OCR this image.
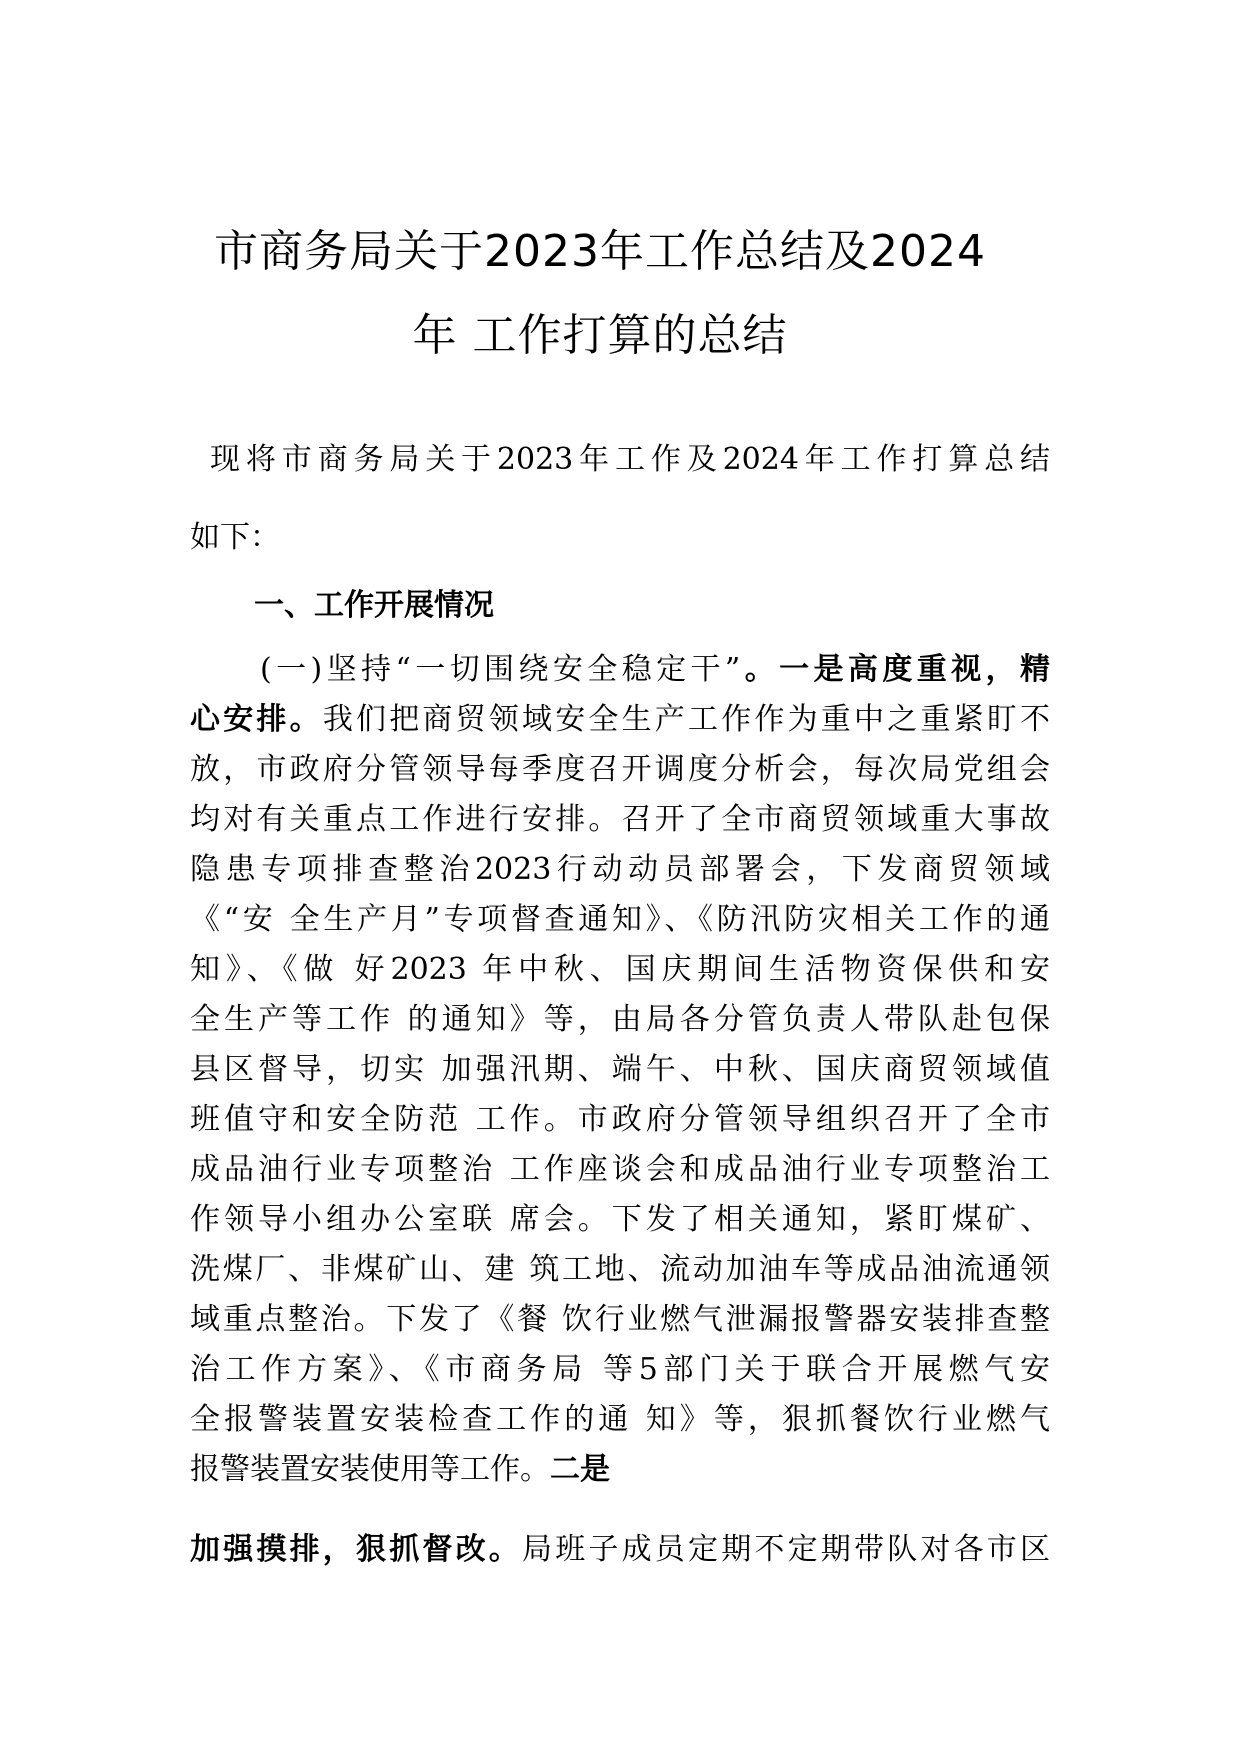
市商务局关于2023年工作总结及2024
年 工作打算的总结
现将市商务局关于2023年工作及2024年工作打算总结
如下：
一、工作开展情况
(一)坚持“一切围绕安全稳定干”。一是高度重视，精
心安排。我们把商贸领域安全生产工作作为重中之重紧盯不
放，市政府分管领导每季度召开调度分析会，每次局党组会
均对有关重点工作进行安排。召开了全市商贸领域重大事故
隐患专项排查整治2023行动动员部署会，下发商贸领域
《“安 全生产月”专项督查通知》、《防汛防灾相关工作的通
知》、《做 好2023 年中秋、国庆期间生活物资保供和安
全生产等工作 的通知》等，由局各分管负责人带队赴包保
县区督导，切实 加强汛期、端午、中秋、国庆商贸领域值
班值守和安全防范 工作。市政府分管领导组织召开了全市
成品油行业专项整治 工作座谈会和成品油行业专项整治工
作领导小组办公室联 席会。下发了相关通知，紧盯煤矿、
洗煤厂、非煤矿山、建 筑工地、流动加油车等成品油流通领
域重点整治。下发了《餐 饮行业燃气泄漏报警器安装排查整
治工作方案》、《市商务局 等5部门关于联合开展燃气安
全报警装置安装检查工作的通 知》等，狠抓餐饮行业燃气
报警装置安装使用等工作。二是
加强摸排，狠抓督改。局班子成员定期不定期带队对各市区
